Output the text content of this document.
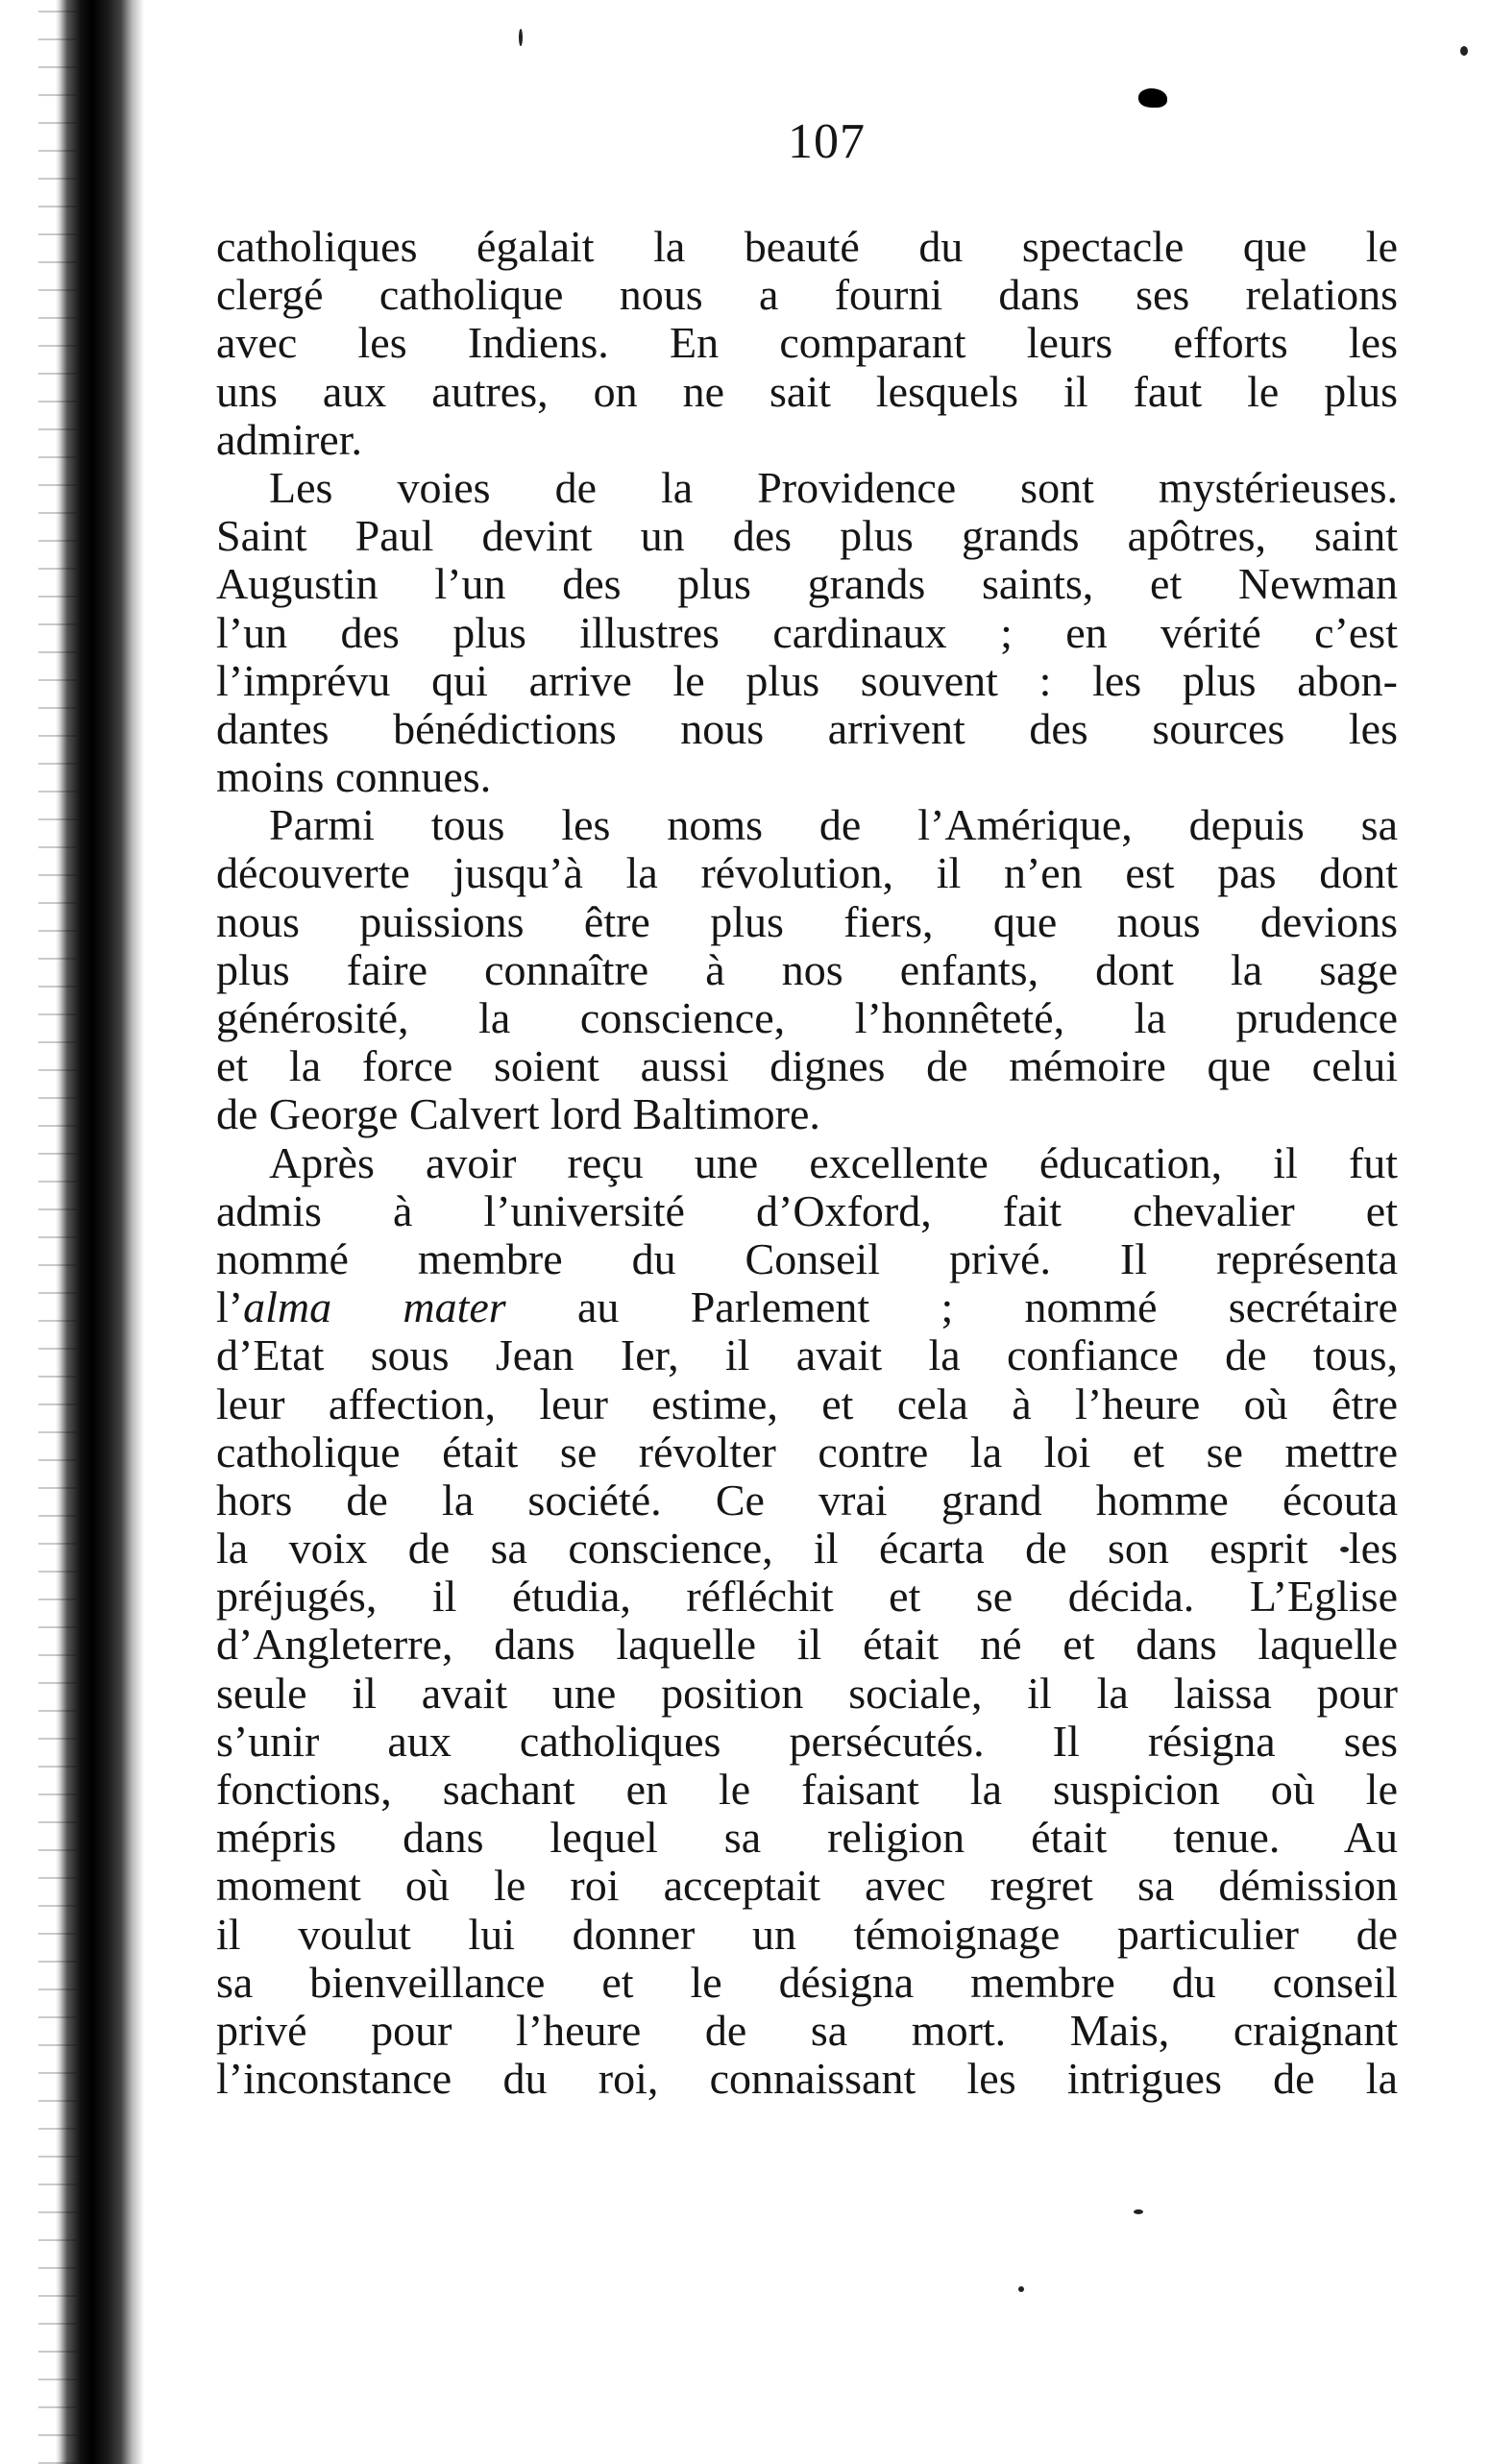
107
catholiques égalait la beauté du spectacle que le
clergé catholique nous a fourni dans ses relations
avec les Indiens. En comparant leurs efforts les
uns aux autres, on ne sait lesquels il faut le plus
admirer.
Les voies de la Providence sont mystérieuses.
Saint Paul devint un des plus grands apôtres, saint
Augustin l’un des plus grands saints, et Newman
l’un des plus illustres cardinaux ; en vérité c’est
l’imprévu qui arrive le plus souvent : les plus abon-
dantes bénédictions nous arrivent des sources les
moins connues.
Parmi tous les noms de l’Amérique, depuis sa
découverte jusqu’à la révolution, il n’en est pas dont
nous puissions être plus fiers, que nous devions
plus faire connaître à nos enfants, dont la sage
générosité, la conscience, l’honnêteté, la prudence
et la force soient aussi dignes de mémoire que celui
de George Calvert lord Baltimore.
Après avoir reçu une excellente éducation, il fut
admis à l’université d’Oxford, fait chevalier et
nommé membre du Conseil privé. Il représenta
l’alma mater au Parlement ; nommé secrétaire
d’Etat sous Jean Ier, il avait la confiance de tous,
leur affection, leur estime, et cela à l’heure où être
catholique était se révolter contre la loi et se mettre
hors de la société. Ce vrai grand homme écouta
la voix de sa conscience, il écarta de son esprit les
préjugés, il étudia, réfléchit et se décida. L’Eglise
d’Angleterre, dans laquelle il était né et dans laquelle
seule il avait une position sociale, il la laissa pour
s’unir aux catholiques persécutés. Il résigna ses
fonctions, sachant en le faisant la suspicion où le
mépris dans lequel sa religion était tenue. Au
moment où le roi acceptait avec regret sa démission
il voulut lui donner un témoignage particulier de
sa bienveillance et le désigna membre du conseil
privé pour l’heure de sa mort. Mais, craignant
l’inconstance du roi, connaissant les intrigues de la
